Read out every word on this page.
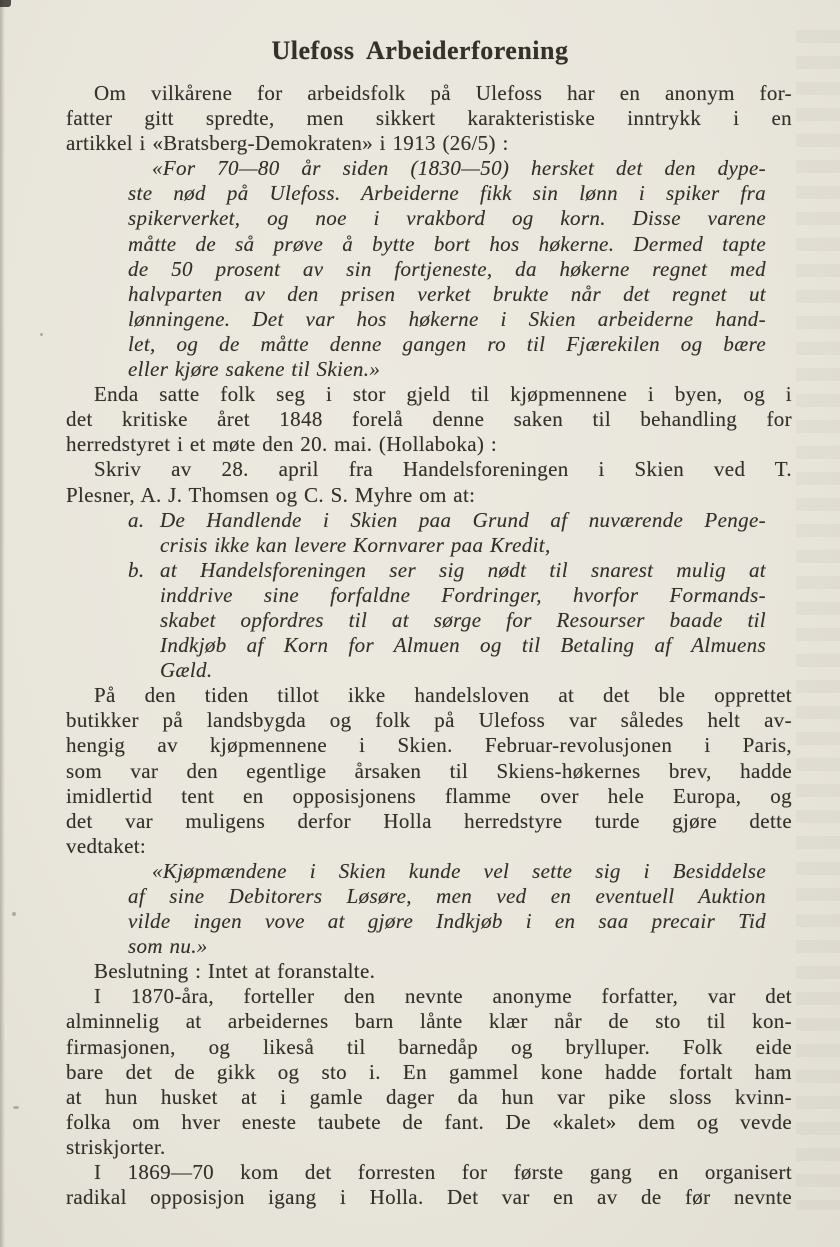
Ulefoss Arbeiderforening
Om vilkårene for arbeidsfolk på Ulefoss har en anonym for-
fatter gitt spredte, men sikkert karakteristiske inntrykk i en
artikkel i «Bratsberg-Demokraten» i 1913 (26/5) :
«For 70—80 år siden (1830—50) hersket det den dype-
ste nød på Ulefoss. Arbeiderne fikk sin lønn i spiker fra
spikerverket, og noe i vrakbord og korn. Disse varene
måtte de så prøve å bytte bort hos høkerne. Dermed tapte
de 50 prosent av sin fortjeneste, da høkerne regnet med
halvparten av den prisen verket brukte når det regnet ut
lønningene. Det var hos høkerne i Skien arbeiderne hand-
let, og de måtte denne gangen ro til Fjærekilen og bære
eller kjøre sakene til Skien.»
Enda satte folk seg i stor gjeld til kjøpmennene i byen, og i
det kritiske året 1848 forelå denne saken til behandling for
herredstyret i et møte den 20. mai. (Hollaboka) :
Skriv av 28. april fra Handelsforeningen i Skien ved T.
Plesner, A. J. Thomsen og C. S. Myhre om at:
a. De Handlende i Skien paa Grund af nuværende Penge-
crisis ikke kan levere Kornvarer paa Kredit,
b. at Handelsforeningen ser sig nødt til snarest mulig at
inddrive sine forfaldne Fordringer, hvorfor Formands-
skabet opfordres til at sørge for Resourser baade til
Indkjøb af Korn for Almuen og til Betaling af Almuens
Gæld.
På den tiden tillot ikke handelsloven at det ble opprettet
butikker på landsbygda og folk på Ulefoss var således helt av-
hengig av kjøpmennene i Skien. Februar-revolusjonen i Paris,
som var den egentlige årsaken til Skiens-høkernes brev, hadde
imidlertid tent en opposisjonens flamme over hele Europa, og
det var muligens derfor Holla herredstyre turde gjøre dette
vedtaket:
«Kjøpmændene i Skien kunde vel sette sig i Besiddelse
af sine Debitorers Løsøre, men ved en eventuell Auktion
vilde ingen vove at gjøre Indkjøb i en saa precair Tid
som nu.»
Beslutning : Intet at foranstalte.
I 1870-åra, forteller den nevnte anonyme forfatter, var det
alminnelig at arbeidernes barn lånte klær når de sto til kon-
firmasjonen, og likeså til barnedåp og brylluper. Folk eide
bare det de gikk og sto i. En gammel kone hadde fortalt ham
at hun husket at i gamle dager da hun var pike sloss kvinn-
folka om hver eneste taubete de fant. De «kalet» dem og vevde
striskjorter.
I 1869—70 kom det forresten for første gang en organisert
radikal opposisjon igang i Holla. Det var en av de før nevnte
